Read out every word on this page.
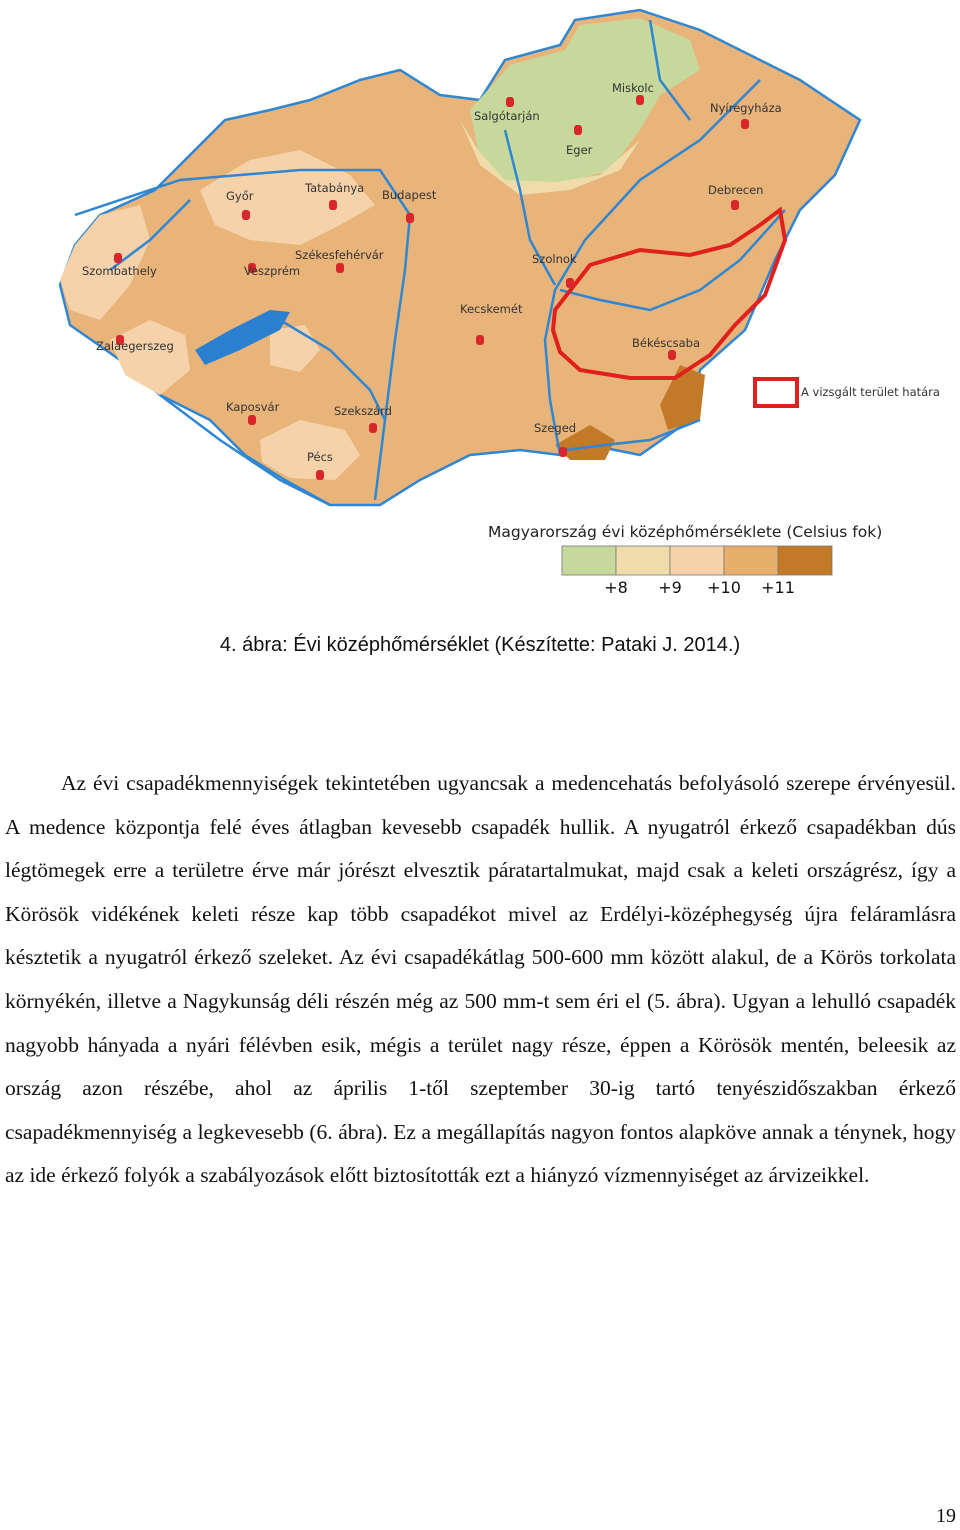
Miskolc
Salgótarján
Nyíregyháza
Eger
Debrecen
Győr
Tatabánya Budapest
Székesfehérvár
Szombathely	Veszprém
Szolnok
Kecskemét
Zalaegerszeg	Békéscsaba
Kaposvár	Szekszárd
Szeged
Pécs
A vizsgált terület határa
Magyarország évi középhőmérséklete (Celsius fok)
+8 +9 +10 +11
4. ábra: Évi középhőmérséklet (Készítette: Pataki J. 2014.)

Az évi csapadékmennyiségek tekintetében ugyancsak a medencehatás befolyásoló szerepe érvényesül. A medence központja felé éves átlagban kevesebb csapadék hullik. A nyugatról érkező csapadékban dús légtömegek erre a területre érve már jórészt elvesztik páratartalmukat, majd csak a keleti országrész, így a Körösök vidékének keleti része kap több csapadékot mivel az Erdélyi-középhegység újra feláramlásra késztetik a nyugatról érkező szeleket. Az évi csapadékátlag 500-600 mm között alakul, de a Körös torkolata környékén, illetve a Nagykunság déli részén még az 500 mm-t sem éri el (5. ábra). Ugyan a lehulló csapadék nagyobb hányada a nyári félévben esik, mégis a terület nagy része, éppen a Körösök mentén, beleesik az ország azon részébe, ahol az április 1-től szeptember 30-ig tartó tenyészidőszakban érkező csapadékmennyiség a legkevesebb (6. ábra). Ez a megállapítás nagyon fontos alapköve annak a ténynek, hogy az ide érkező folyók a szabályozások előtt biztosították ezt a hiányzó vízmennyiséget az árvizeikkel.

19
